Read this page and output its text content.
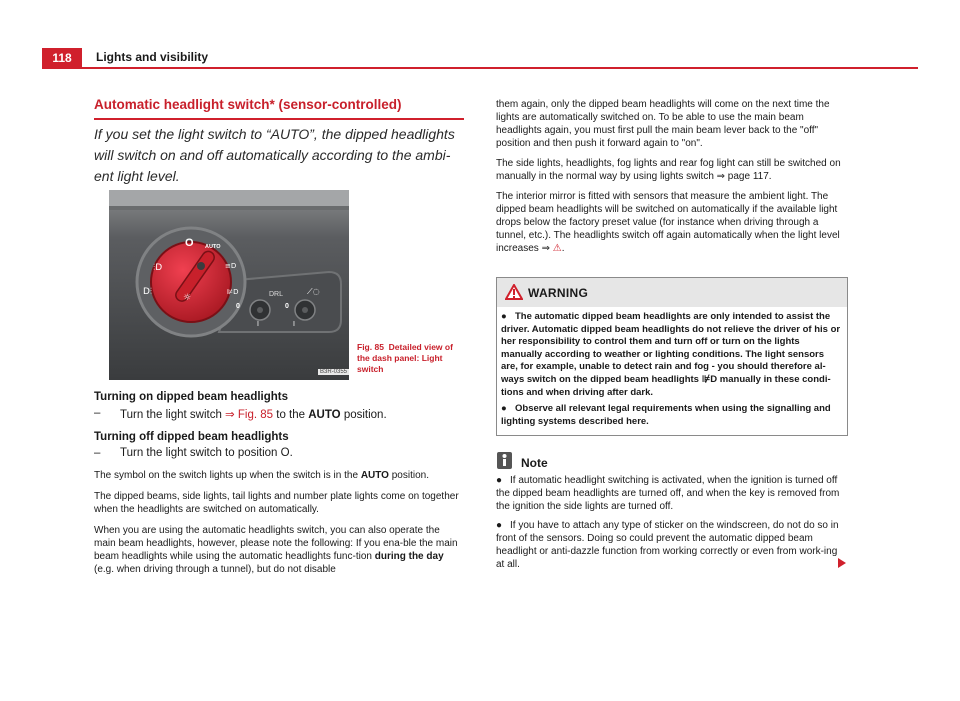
118	Lights and visibility
Automatic headlight switch* (sensor-controlled)
If you set the light switch to “AUTO”, the dipped headlights will switch on and off automatically according to the ambi-ent light level.
O AUTO
⫶D
D⫶
☼
≡D
⊯D	DRL
0	0
I	I
⟋◌
B3R-0355
Fig. 85 Detailed view of the dash panel: Light switch
Turning on dipped beam headlights
– Turn the light switch ⇒ Fig. 85 to the AUTO position.
Turning off dipped beam headlights
– Turn the light switch to position O.

The symbol on the switch lights up when the switch is in the AUTO position.

The dipped beams, side lights, tail lights and number plate lights come on together when the headlights are switched on automatically.

When you are using the automatic headlights switch, you can also operate the main beam headlights, however, please note the following: If you ena-ble the main beam headlights while using the automatic headlights func-tion during the day (e.g. when driving through a tunnel), but do not disable

them again, only the dipped beam headlights will come on the next time the lights are automatically switched on. To be able to use the main beam headlights again, you must first pull the main beam lever back to the "off" position and then push it forward again to "on".

The side lights, headlights, fog lights and rear fog light can still be switched on manually in the normal way by using lights switch ⇒ page 117.

The interior mirror is fitted with sensors that measure the ambient light. The dipped beam headlights will be switched on automatically if the available light drops below the factory preset value (for instance when driving through a tunnel, etc.). The headlights switch off again automatically when the light level increases ⇒ ⚠.

WARNING

● The automatic dipped beam headlights are only intended to assist the driver. Automatic dipped beam headlights do not relieve the driver of his or her responsibility to control them and turn off or turn on the lights manually according to weather or lighting conditions. The light sensors are, for example, unable to detect rain and fog - you should therefore al-ways switch on the dipped beam headlights ⊯D manually in these condi-tions and when driving after dark.

● Observe all relevant legal requirements when using the signalling and lighting systems described here.

Note

● If automatic headlight switching is activated, when the ignition is turned off the dipped beam headlights are turned off, and when the key is removed from the ignition the side lights are turned off.

● If you have to attach any type of sticker on the windscreen, do not do so in front of the sensors. Doing so could prevent the automatic dipped beam headlight or anti-dazzle function from working correctly or even from work-ing at all.
